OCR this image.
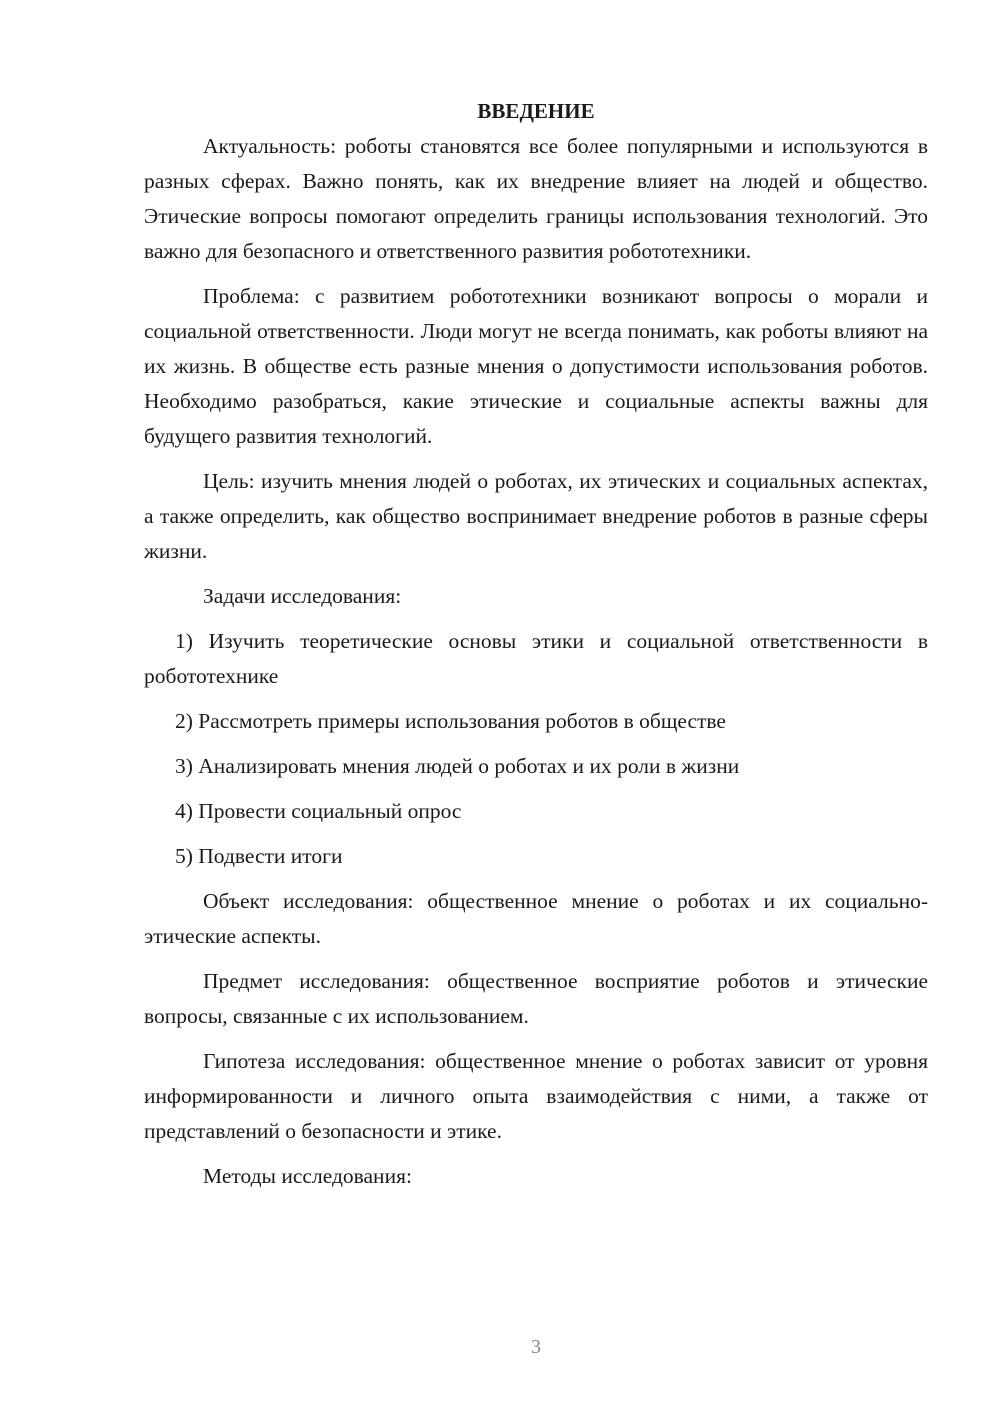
ВВЕДЕНИЕ

Актуальность: роботы становятся все более популярными и используются в разных сферах. Важно понять, как их внедрение влияет на людей и общество. Этические вопросы помогают определить границы использования технологий. Это важно для безопасного и ответственного развития робототехники.

Проблема: с развитием робототехники возникают вопросы о морали и социальной ответственности. Люди могут не всегда понимать, как роботы влияют на их жизнь. В обществе есть разные мнения о допустимости использования роботов. Необходимо разобраться, какие этические и социальные аспекты важны для будущего развития технологий.

Цель: изучить мнения людей о роботах, их этических и социальных аспектах, а также определить, как общество воспринимает внедрение роботов в разные сферы жизни.

Задачи исследования:

1) Изучить теоретические основы этики и социальной ответственности в робототехнике

2) Рассмотреть примеры использования роботов в обществе

3) Анализировать мнения людей о роботах и их роли в жизни

4) Провести социальный опрос

5) Подвести итоги

Объект исследования: общественное мнение о роботах и их социально-этические аспекты.

Предмет исследования: общественное восприятие роботов и этические вопросы, связанные с их использованием.

Гипотеза исследования: общественное мнение о роботах зависит от уровня информированности и личного опыта взаимодействия с ними, а также от представлений о безопасности и этике.

Методы исследования:

3
